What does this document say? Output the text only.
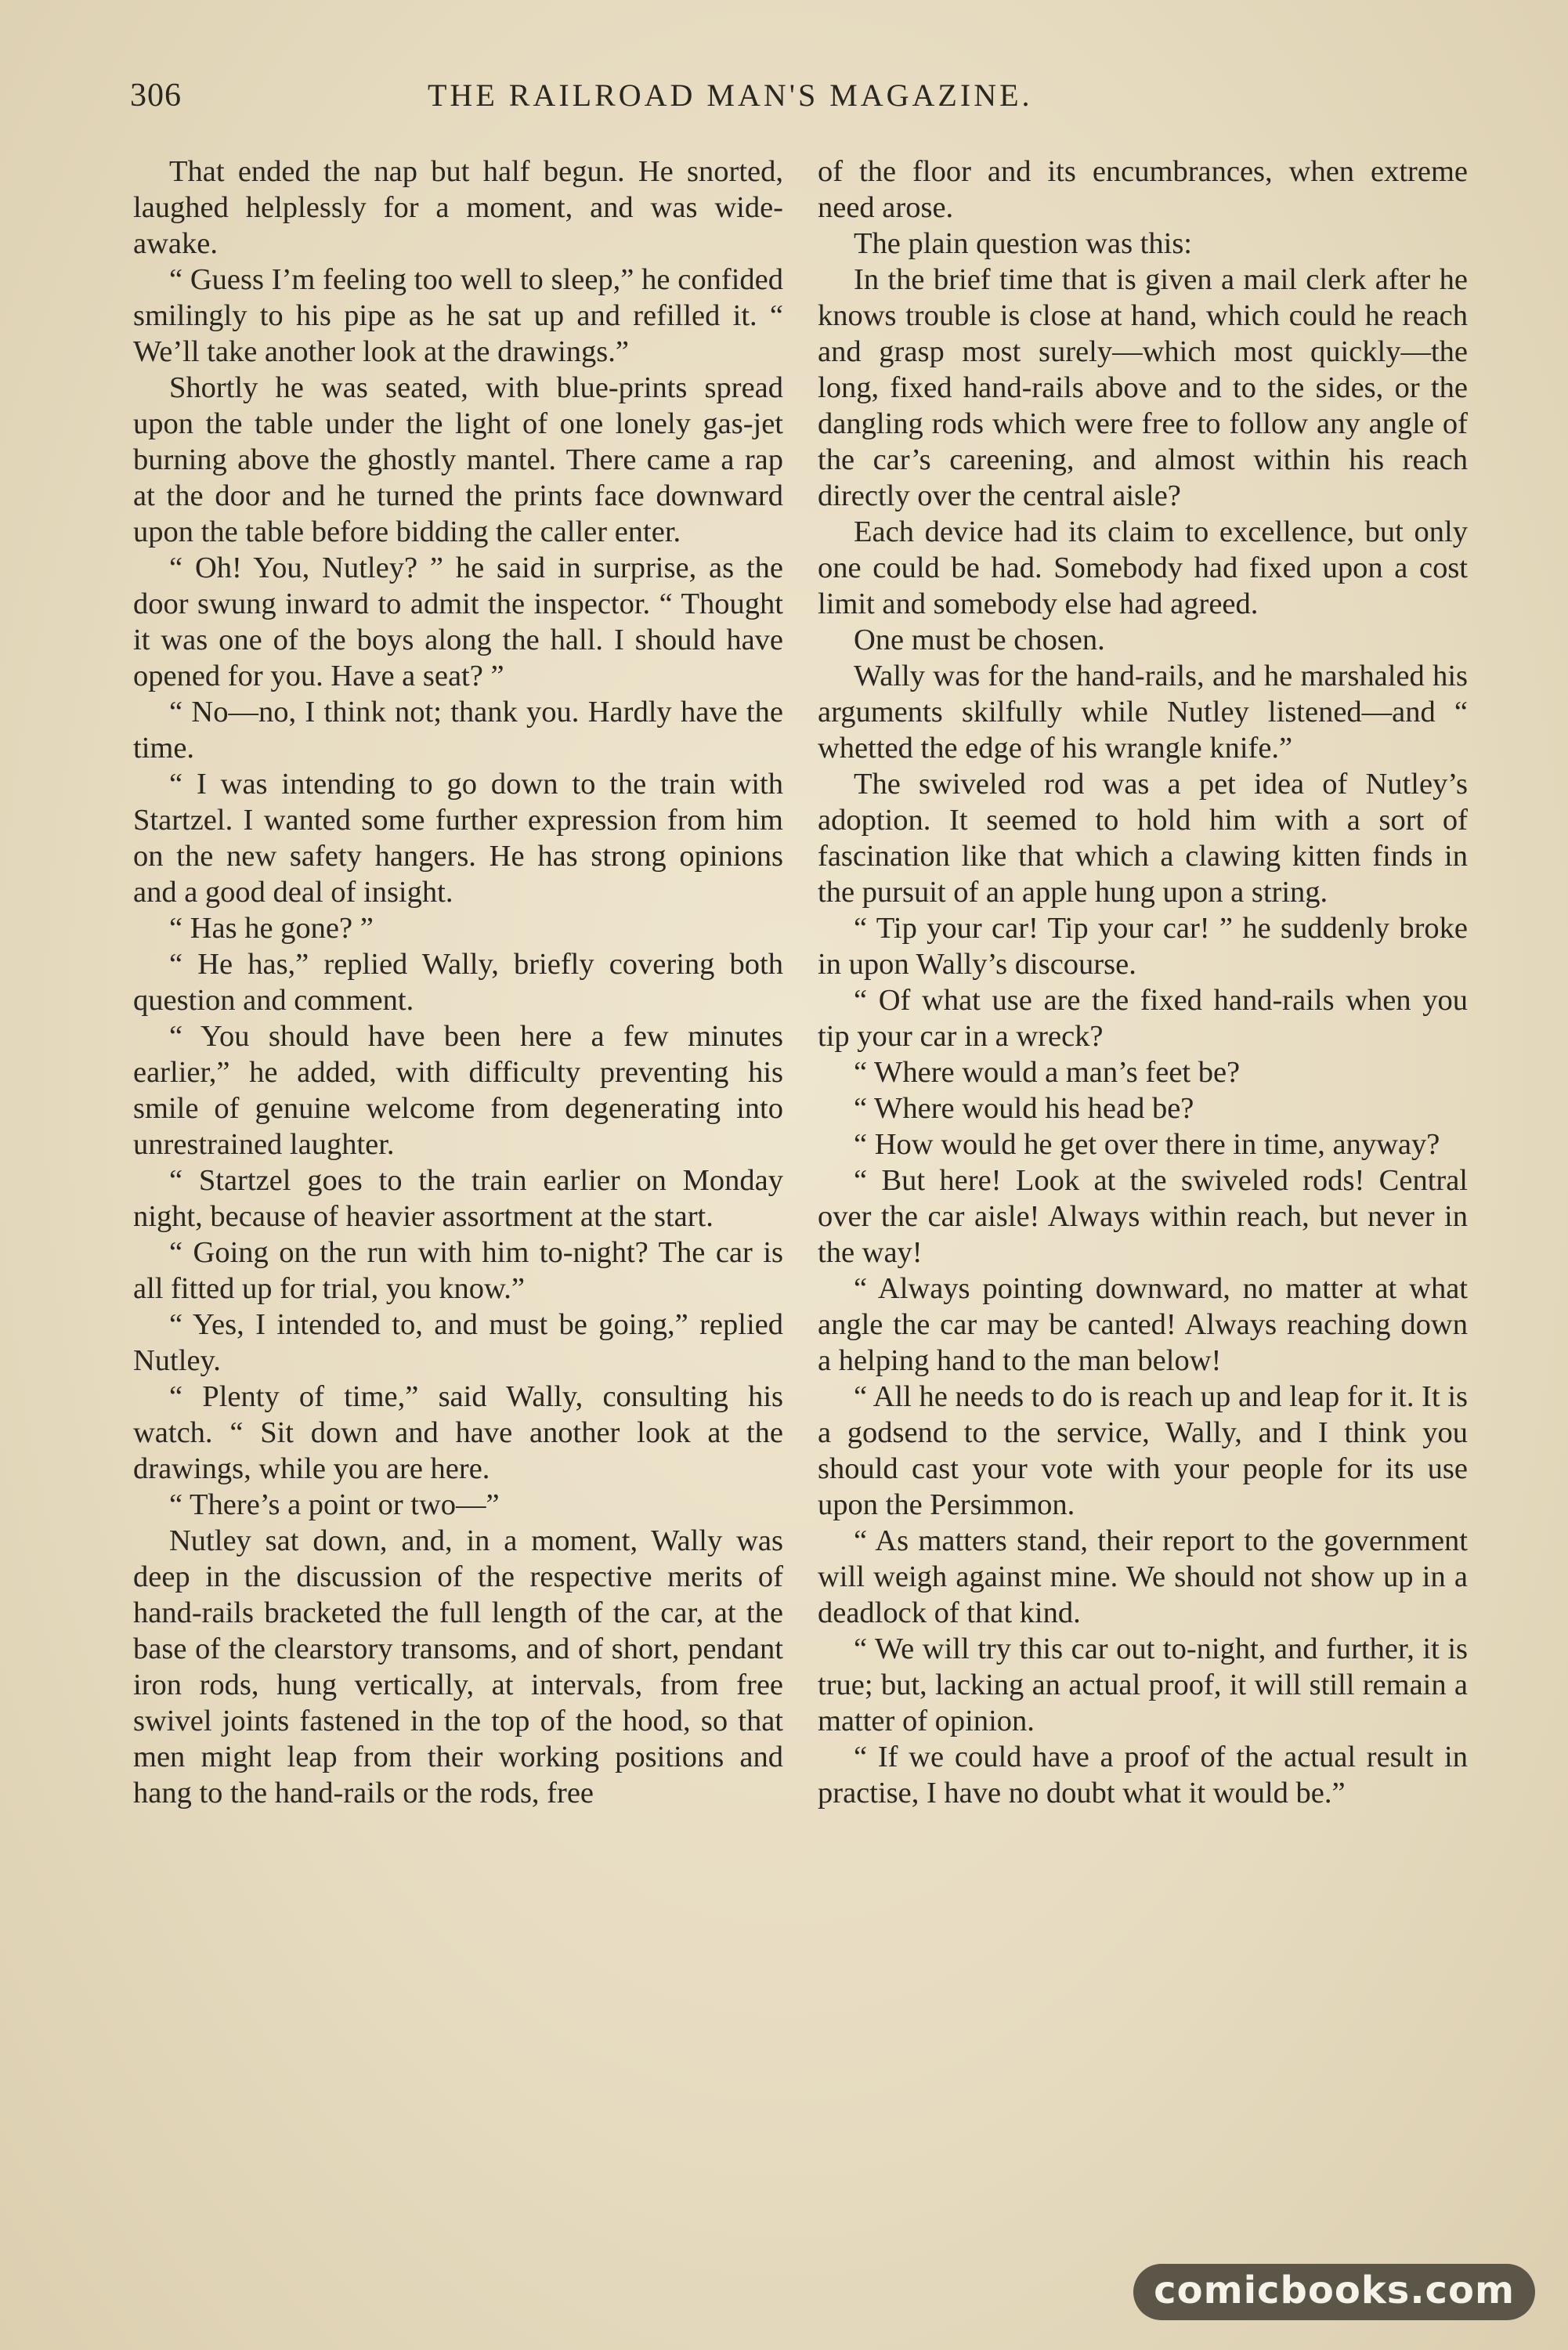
306	THE RAILROAD MAN'S MAGAZINE.

That ended the nap but half begun. He snorted, laughed helplessly for a moment, and was wide-awake.

“ Guess I’m feeling too well to sleep,” he confided smilingly to his pipe as he sat up and refilled it. “ We’ll take another look at the drawings.”

Shortly he was seated, with blue-prints spread upon the table under the light of one lonely gas-jet burning above the ghostly mantel. There came a rap at the door and he turned the prints face downward upon the table before bidding the caller enter.

“ Oh! You, Nutley? ” he said in surprise, as the door swung inward to admit the inspector. “ Thought it was one of the boys along the hall. I should have opened for you. Have a seat? ”

“ No—no, I think not; thank you. Hardly have the time.

“ I was intending to go down to the train with Startzel. I wanted some further expression from him on the new safety hangers. He has strong opinions and a good deal of insight.

“ Has he gone? ”

“ He has,” replied Wally, briefly covering both question and comment.

“ You should have been here a few minutes earlier,” he added, with difficulty preventing his smile of genuine welcome from degenerating into unrestrained laughter.

“ Startzel goes to the train earlier on Monday night, because of heavier assortment at the start.

“ Going on the run with him to-night? The car is all fitted up for trial, you know.”

“ Yes, I intended to, and must be going,” replied Nutley.

“ Plenty of time,” said Wally, consulting his watch. “ Sit down and have another look at the drawings, while you are here.

“ There’s a point or two—”

Nutley sat down, and, in a moment, Wally was deep in the discussion of the respective merits of hand-rails bracketed the full length of the car, at the base of the clearstory transoms, and of short, pendant iron rods, hung vertically, at intervals, from free swivel joints fastened in the top of the hood, so that men might leap from their working positions and hang to the hand-rails or the rods, free

of the floor and its encumbrances, when extreme need arose.

The plain question was this:

In the brief time that is given a mail clerk after he knows trouble is close at hand, which could he reach and grasp most surely—which most quickly—the long, fixed hand-rails above and to the sides, or the dangling rods which were free to follow any angle of the car’s careening, and almost within his reach directly over the central aisle?

Each device had its claim to excellence, but only one could be had. Somebody had fixed upon a cost limit and somebody else had agreed.

One must be chosen.

Wally was for the hand-rails, and he marshaled his arguments skilfully while Nutley listened—and “ whetted the edge of his wrangle knife.”

The swiveled rod was a pet idea of Nutley’s adoption. It seemed to hold him with a sort of fascination like that which a clawing kitten finds in the pursuit of an apple hung upon a string.

“ Tip your car! Tip your car! ” he suddenly broke in upon Wally’s discourse.

“ Of what use are the fixed hand-rails when you tip your car in a wreck?

“ Where would a man’s feet be?

“ Where would his head be?

“ How would he get over there in time, anyway?

“ But here! Look at the swiveled rods! Central over the car aisle! Always within reach, but never in the way!

“ Always pointing downward, no matter at what angle the car may be canted! Always reaching down a helping hand to the man below!

“ All he needs to do is reach up and leap for it. It is a godsend to the service, Wally, and I think you should cast your vote with your people for its use upon the Persimmon.

“ As matters stand, their report to the government will weigh against mine. We should not show up in a deadlock of that kind.

“ We will try this car out to-night, and further, it is true; but, lacking an actual proof, it will still remain a matter of opinion.

“ If we could have a proof of the actual result in practise, I have no doubt what it would be.”

comicbooks.com
